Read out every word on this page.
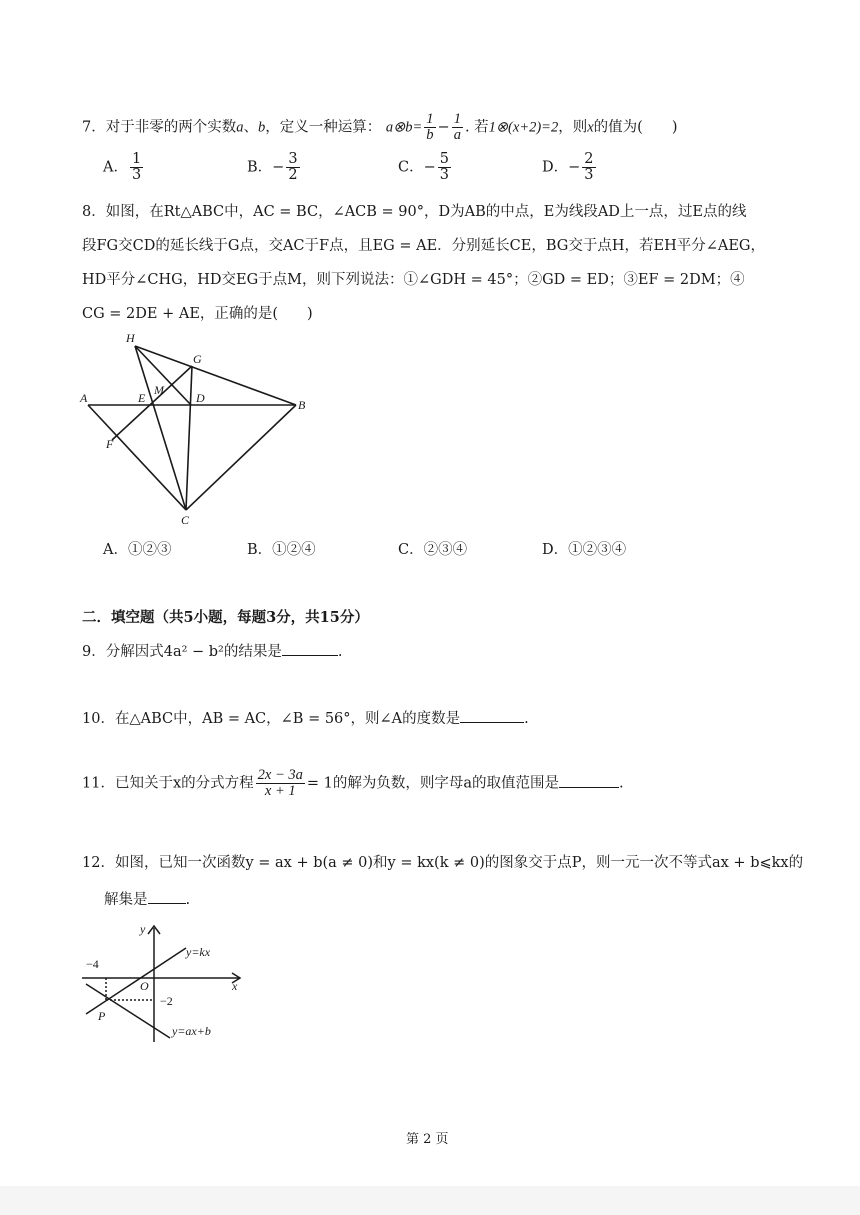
7．对于非零的两个实数a、b，定义一种运算： a⊗b= $\frac{1}{b} - \frac{1}{a}$ . 若1⊗(x+2)=2，则x的值为(　　)
A． $\frac{1}{3}$	B．− $\frac{3}{2}$	C．− $\frac{5}{3}$	D．− $\frac{2}{3}$
8．如图，在Rt△ABC中，AC = BC，∠ACB = 90°，D为AB的中点，E为线段AD上一点，过E点的线
段FG交CD的延长线于G点，交AC于F点，且EG = AE．分别延长CE，BG交于点H，若EH平分∠AEG，
HD平分∠CHG，HD交EG于点M，则下列说法：①∠GDH = 45°；②GD = ED；③EF = 2DM；④
CG = 2DE + AE，正确的是(　　)
H
G
M
A	E	D	B
F
C
A．①②③	B．①②④	C．②③④	D．①②③④
二．填空题（共5小题，每题3分，共15分）
9．分解因式4a² − b²的结果是	.
10．在△ABC中，AB = AC，∠B = 56°，则∠A的度数是	.
11．已知关于x的分式方程 $\frac{2x - 3a}{x + 1} = 1$的解为负数，则字母a的取值范围是	.
12．如图，已知一次函数y = ax + b(a ≠ 0)和y = kx(k ≠ 0)的图象交于点P，则一元一次不等式ax + b⩽kx的
解集是	.
y
x
O
P
−4
−2
y=kx
y=ax+b
第 2 页
